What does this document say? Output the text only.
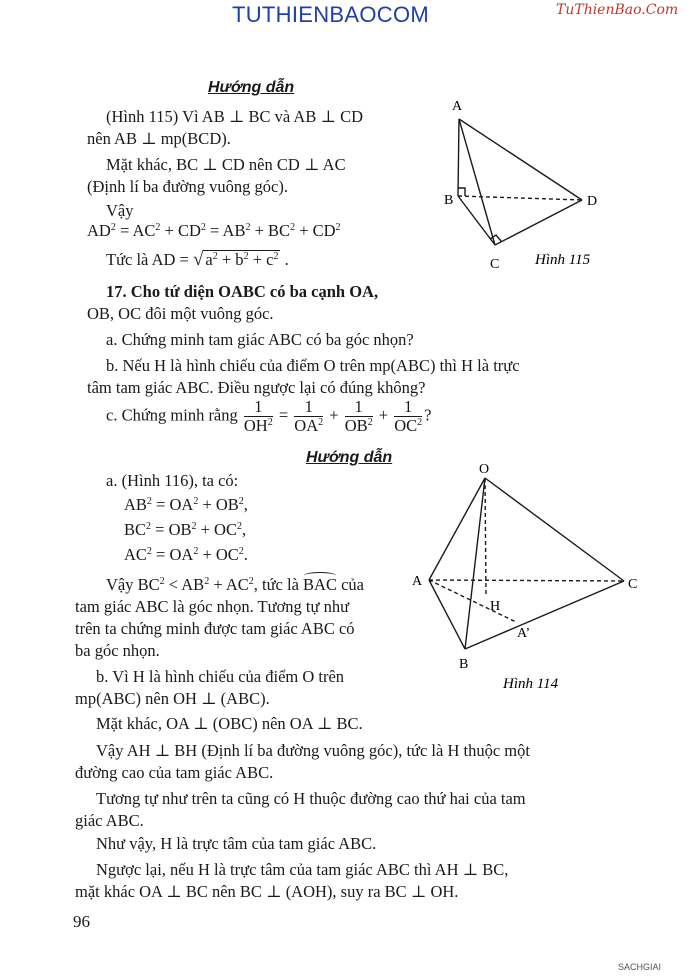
TUTHIENBAOCOM	TuThienBao.Com
Hướng dẫn
(Hình 115) Vì AB ⊥ BC và AB ⊥ CD
nên AB ⊥ mp(BCD).
Mặt khác, BC ⊥ CD nên CD ⊥ AC
(Định lí ba đường vuông góc).
Vậy
$AD^2 = AC^2 + CD^2 = AB^2 + BC^2 + CD^2$
Tức là AD = √ $a^2 + b^2 + c^2$ .
A
B
C
D
Hình 115
17. Cho tứ diện OABC có ba cạnh OA,
OB, OC đôi một vuông góc.
a. Chứng minh tam giác ABC có ba góc nhọn?
b. Nếu H là hình chiếu của điểm O trên mp(ABC) thì H là trực
tâm tam giác ABC. Điều ngược lại có đúng không?
c. Chứng minh rằng $\frac{1}{OH^2} = \frac{1}{OA^2} + \frac{1}{OB^2} + \frac{1}{OC^2}$ ?
Hướng dẫn
a. (Hình 116), ta có:
$AB^2 = OA^2 + OB^2$,
$BC^2 = OB^2 + OC^2$,
$AC^2 = OA^2 + OC^2$.
Vậy $BC^2 < AB^2 + AC^2$, tức là BAC của
tam giác ABC là góc nhọn. Tương tự như
trên ta chứng minh được tam giác ABC có
ba góc nhọn.
b. Vì H là hình chiếu của điểm O trên
mp(ABC) nên OH ⊥ (ABC).
Mặt khác, OA ⊥ (OBC) nên OA ⊥ BC.
Vậy AH ⊥ BH (Định lí ba đường vuông góc), tức là H thuộc một
đường cao của tam giác ABC.
Tương tự như trên ta cũng có H thuộc đường cao thứ hai của tam
giác ABC.
Như vậy, H là trực tâm của tam giác ABC.
Ngược lại, nếu H là trực tâm của tam giác ABC thì AH ⊥ BC,
mặt khác OA ⊥ BC nên BC ⊥ (AOH), suy ra BC ⊥ OH.
O
A	C
H
A’
B
Hình 114
96
SACHGIAI
